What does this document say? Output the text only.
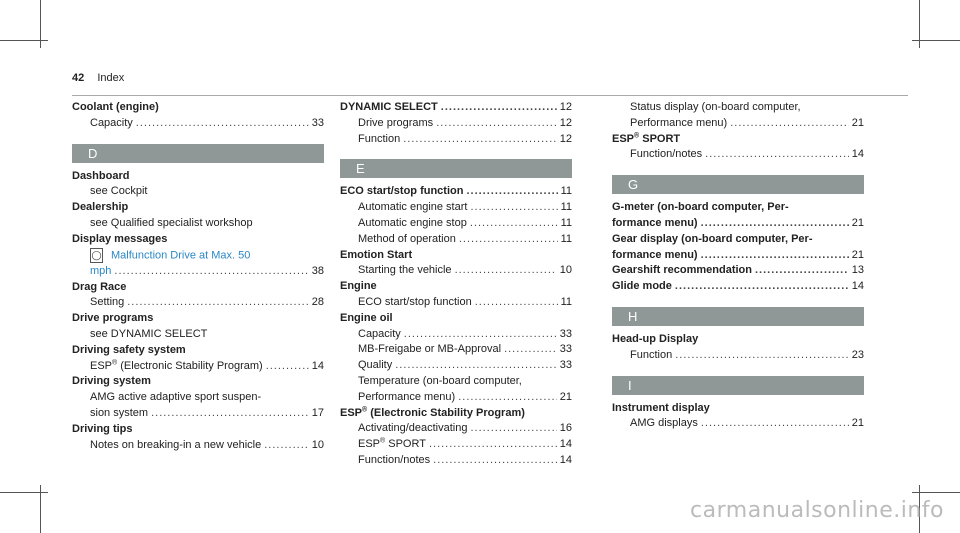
42 Index
Coolant (engine)
Capacity .....	33
D
Dashboard
see Cockpit
Dealership
see Qualified specialist workshop
Display messages
◯ Malfunction Drive at Max. 50
mph .....	38
Drag Race
Setting .....	28
Drive programs
see DYNAMIC SELECT
Driving safety system
ESP® (Electronic Stability Program) .....	14
Driving system
AMG active adaptive sport suspen-
sion system .....	17
Driving tips
Notes on breaking-in a new vehicle .....	10
DYNAMIC SELECT .....	12
Drive programs .....	12
Function .....	12
E
ECO start/stop function .....	11
Automatic engine start .....	11
Automatic engine stop .....	11
Method of operation .....	11
Emotion Start
Starting the vehicle .....	10
Engine
ECO start/stop function .....	11
Engine oil
Capacity .....	33
MB-Freigabe or MB-Approval .....	33
Quality .....	33
Temperature (on-board computer,
Performance menu) .....	21
ESP® (Electronic Stability Program)
Activating/deactivating .....	16
ESP® SPORT .....	14
Function/notes .....	14
Status display (on-board computer,
Performance menu) .....	21
ESP® SPORT
Function/notes .....	14
G
G-meter (on-board computer, Per-
formance menu) .....	21
Gear display (on-board computer, Per-
formance menu) .....	21
Gearshift recommendation .....	13
Glide mode .....	14
H
Head-up Display
Function .....	23
I
Instrument display
AMG displays .....	21
carmanualsonline.info
